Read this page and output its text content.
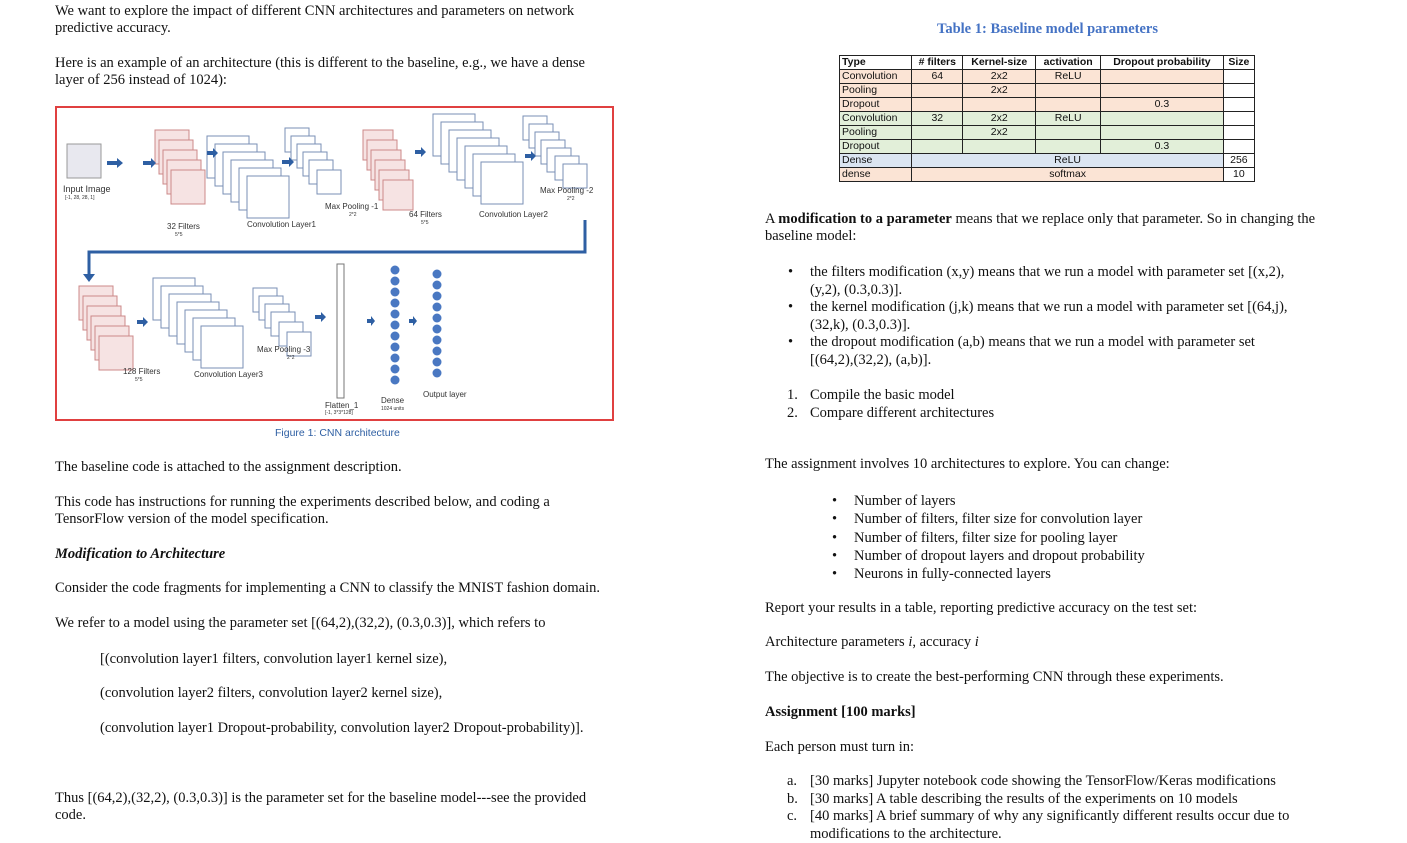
We want to explore the impact of different CNN architectures and parameters on network predictive accuracy.

Here is an example of an architecture (this is different to the baseline, e.g., we have a dense layer of 256 instead of 1024):

Input Image
[-1, 28, 28, 1]
32 Filters
5*5
Convolution Layer1
Max Pooling -1
2*2	64 Filters
5*5
Convolution Layer2
Max Pooling -2
2*2
128 Filters
5*5
Convolution Layer3
Max Pooling -3
2*2
Flatten_1
[-1, 3*3*128]
Dense
1024 units
Output layer
Figure 1: CNN architecture

The baseline code is attached to the assignment description.

This code has instructions for running the experiments described below, and coding a TensorFlow version of the model specification.

Modification to Architecture

Consider the code fragments for implementing a CNN to classify the MNIST fashion domain.

We refer to a model using the parameter set [(64,2),(32,2), (0.3,0.3)], which refers to

[(convolution layer1 filters, convolution layer1 kernel size),

(convolution layer2 filters, convolution layer2 kernel size),

(convolution layer1 Dropout-probability, convolution layer2 Dropout-probability)].

Thus [(64,2),(32,2), (0.3,0.3)] is the parameter set for the baseline model---see the provided code.

Table 1: Baseline model parameters
Type	# filters	Kernel-size	activation	Dropout probability	Size
Convolution	64	2x2	ReLU		
Pooling		2x2			
Dropout				0.3	
Convolution	32	2x2	ReLU		
Pooling		2x2			
Dropout				0.3	
Dense	ReLU				256
dense	softmax				10

A modification to a parameter means that we replace only that parameter. So in changing the baseline model:

• the filters modification (x,y) means that we run a model with parameter set [(x,2),(y,2), (0.3,0.3)].
• the kernel modification (j,k) means that we run a model with parameter set [(64,j),(32,k), (0.3,0.3)].
• the dropout modification (a,b) means that we run a model with parameter set [(64,2),(32,2), (a,b)].
1. Compile the basic model
2. Compare different architectures

The assignment involves 10 architectures to explore. You can change:

• Number of layers
• Number of filters, filter size for convolution layer
• Number of filters, filter size for pooling layer
• Number of dropout layers and dropout probability
• Neurons in fully-connected layers

Report your results in a table, reporting predictive accuracy on the test set:

Architecture parameters i, accuracy i

The objective is to create the best-performing CNN through these experiments.

Assignment [100 marks]

Each person must turn in:

a. [30 marks] Jupyter notebook code showing the TensorFlow/Keras modifications
b. [30 marks] A table describing the results of the experiments on 10 models
c. [40 marks] A brief summary of why any significantly different results occur due to modifications to the architecture.
